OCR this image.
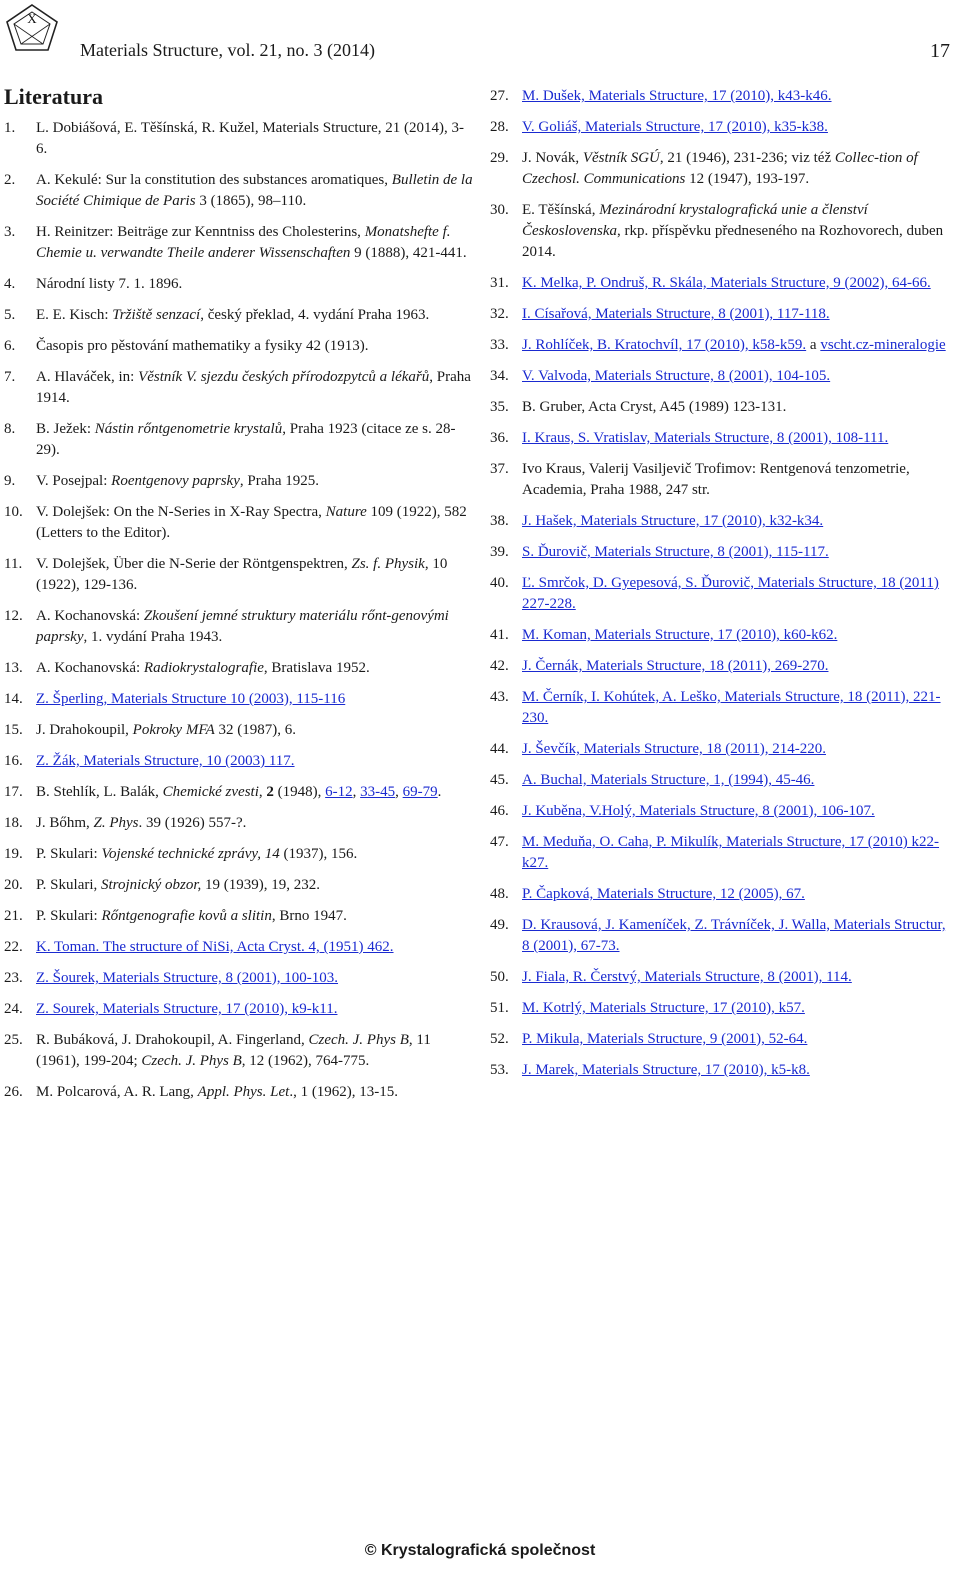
X
Materials Structure, vol. 21, no. 3 (2014)	17
Literatura
1.	L. Dobiášová, E. Těšínská, R. Kužel, Materials Structure, 21 (2014), 3-6.
2.	A. Kekulé: Sur la constitution des substances aromatiques, Bulletin de la Société Chimique de Paris 3 (1865), 98–110.
3.	H. Reinitzer: Beiträge zur Kenntniss des Cholesterins, Monatshefte f. Chemie u. verwandte Theile anderer Wissenschaften 9 (1888), 421-441.
4.	Národní listy 7. 1. 1896.
5.	E. E. Kisch: Tržiště senzací, český překlad, 4. vydání Praha 1963.
6.	Časopis pro pěstování mathematiky a fysiky 42 (1913).
7.	A. Hlaváček, in: Věstník V. sjezdu českých přírodozpytců a lékařů, Praha 1914.
8.	B. Ježek: Nástin rőntgenometrie krystalů, Praha 1923 (citace ze s. 28-29).
9.	V. Posejpal: Roentgenovy paprsky, Praha 1925.
10. V. Dolejšek: On the N-Series in X-Ray Spectra, Nature 109 (1922), 582 (Letters to the Editor).
11. V. Dolejšek, Über die N-Serie der Röntgenspektren, Zs. f. Physik, 10 (1922), 129-136.
12. A. Kochanovská: Zkoušení jemné struktury materiálu rőnt-genovými paprsky, 1. vydání Praha 1943.
13. A. Kochanovská: Radiokrystalografie, Bratislava 1952.
14. Z. Šperling, Materials Structure 10 (2003), 115-116
15. J. Drahokoupil, Pokroky MFA 32 (1987), 6.
16. Z. Žák, Materials Structure, 10 (2003) 117.
17. B. Stehlík, L. Balák, Chemické zvesti, 2 (1948), 6-12, 33-45, 69-79.
18. J. Bőhm, Z. Phys. 39 (1926) 557-?.
19. P. Skulari: Vojenské technické zprávy, 14 (1937), 156.
20. P. Skulari, Strojnický obzor, 19 (1939), 19, 232.
21. P. Skulari: Rőntgenografie kovů a slitin, Brno 1947.
22. K. Toman. The structure of NiSi, Acta Cryst. 4, (1951) 462.
23. Z. Šourek, Materials Structure, 8 (2001), 100-103.
24. Z. Sourek, Materials Structure, 17 (2010), k9-k11.
25. R. Bubáková, J. Drahokoupil, A. Fingerland, Czech. J. Phys B, 11 (1961), 199-204; Czech. J. Phys B, 12 (1962), 764-775.
26. M. Polcarová, A. R. Lang, Appl. Phys. Let., 1 (1962), 13-15.
27. M. Dušek, Materials Structure, 17 (2010), k43-k46.
28. V. Goliáš, Materials Structure, 17 (2010), k35-k38.
29. J. Novák, Věstník SGÚ, 21 (1946), 231-236; viz též Collec-tion of Czechosl. Communications 12 (1947), 193-197.
30. E. Těšínská, Mezinárodní krystalografická unie a členství Československa, rkp. příspěvku předneseného na Rozhovorech, duben 2014.
31. K. Melka, P. Ondruš, R. Skála, Materials Structure, 9 (2002), 64-66.
32. I. Císařová, Materials Structure, 8 (2001), 117-118.
33. J. Rohlíček, B. Kratochvíl, 17 (2010), k58-k59. a vscht.cz-mineralogie
34. V. Valvoda, Materials Structure, 8 (2001), 104-105.
35. B. Gruber, Acta Cryst, A45 (1989) 123-131.
36. I. Kraus, S. Vratislav, Materials Structure, 8 (2001), 108-111.
37. Ivo Kraus, Valerij Vasiljevič Trofimov: Rentgenová tenzometrie, Academia, Praha 1988, 247 str.
38. J. Hašek, Materials Structure, 17 (2010), k32-k34.
39. S. Ďurovič, Materials Structure, 8 (2001), 115-117.
40. Ľ. Smrčok, D. Gyepesová, S. Ďurovič, Materials Structure, 18 (2011) 227-228.
41. M. Koman, Materials Structure, 17 (2010), k60-k62.
42. J. Černák, Materials Structure, 18 (2011), 269-270.
43. M. Černík, I. Kohútek, A. Leško, Materials Structure, 18 (2011), 221-230.
44. J. Ševčík, Materials Structure, 18 (2011), 214-220.
45. A. Buchal, Materials Structure, 1, (1994), 45-46.
46. J. Kuběna, V.Holý, Materials Structure, 8 (2001), 106-107.
47. M. Meduňa, O. Caha, P. Mikulík, Materials Structure, 17 (2010) k22-k27.
48. P. Čapková, Materials Structure, 12 (2005), 67.
49. D. Krausová, J. Kameníček, Z. Trávníček, J. Walla, Materials Structur, 8 (2001), 67-73.
50. J. Fiala, R. Čerstvý, Materials Structure, 8 (2001), 114.
51. M. Kotrlý, Materials Structure, 17 (2010), k57.
52. P. Mikula, Materials Structure, 9 (2001), 52-64.
53. J. Marek, Materials Structure, 17 (2010), k5-k8.
© Krystalografická společnost
